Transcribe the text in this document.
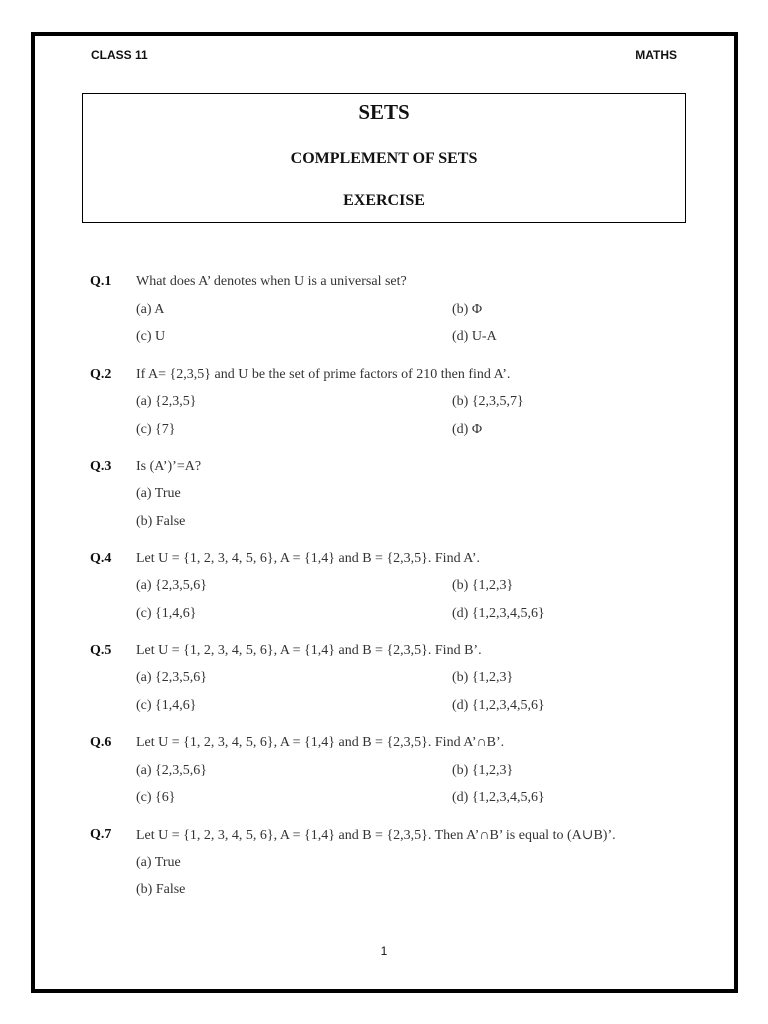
CLASS 11	MATHS
SETS
COMPLEMENT OF SETS
EXERCISE
Q.1 What does A’ denotes when U is a universal set?
(a) A	(b) Φ
(c) U	(d) U-A
Q.2 If A= {2,3,5} and U be the set of prime factors of 210 then find A’.
(a) {2,3,5}	(b) {2,3,5,7}
(c) {7}	(d) Φ
Q.3 Is (A’)’=A?
(a) True
(b) False
Q.4 Let U = {1, 2, 3, 4, 5, 6}, A = {1,4} and B = {2,3,5}. Find A’.
(a) {2,3,5,6}	(b) {1,2,3}
(c) {1,4,6}	(d) {1,2,3,4,5,6}
Q.5 Let U = {1, 2, 3, 4, 5, 6}, A = {1,4} and B = {2,3,5}. Find B’.
(a) {2,3,5,6}	(b) {1,2,3}
(c) {1,4,6}	(d) {1,2,3,4,5,6}
Q.6 Let U = {1, 2, 3, 4, 5, 6}, A = {1,4} and B = {2,3,5}. Find A’∩B’.
(a) {2,3,5,6}	(b) {1,2,3}
(c) {6}	(d) {1,2,3,4,5,6}
Q.7 Let U = {1, 2, 3, 4, 5, 6}, A = {1,4} and B = {2,3,5}. Then A’∩B’ is equal to (A∪B)’.
(a) True
(b) False
1
